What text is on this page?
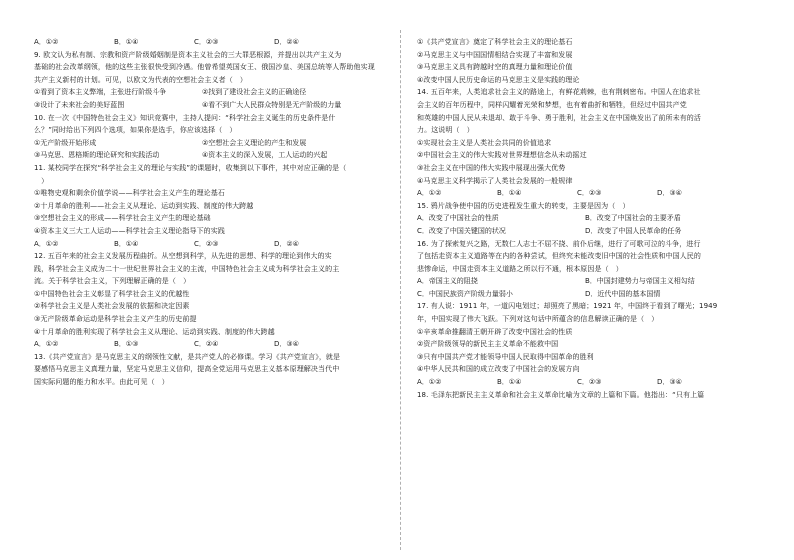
A．①②	B．①④	C．②③	D．②④
9. 欧文认为私有制、宗教和资产阶级婚姻制是资本主义社会的三大罪恶根源，并提出以共产主义为
基础的社会改革纲领，他的这些主张很快受到冷遇。他曾希望英国女王、俄国沙皇、美国总统等人帮助他实现
共产主义新村的计划。可见，以欧文为代表的空想社会主义者（　）
①看到了资本主义弊端，主张进行阶级斗争	②找到了建设社会主义的正确途径
③设计了未来社会的美好蓝图	④看不到广大人民群众特别是无产阶级的力量
10. 在一次《中国特色社会主义》知识竞赛中，主持人提问：“科学社会主义诞生的历史条件是什
么？”同时给出下列四个选项，如果你是选手，你应该选择（　）
①无产阶级开始形成	②空想社会主义理论的产生和发展
③马克思、恩格斯的理论研究和实践活动	④资本主义的深入发展，工人运动的兴起
11. 某校同学在探究“科学社会主义的理论与实践”的课题时，收集到以下事件，其中对应正确的是（
　）
①唯物史观和剩余价值学说——科学社会主义产生的理论基石
②十月革命的胜利——社会主义从理论、运动到实践、制度的伟大跨越
③空想社会主义的形成——科学社会主义产生的理论基础
④资本主义三大工人运动——科学社会主义理论指导下的实践
A．①②	B．①④	C．②③	D．②④
12. 五百年来的社会主义发展历程曲折。从空想到科学，从先进的思想、科学的理论到伟大的实
践，科学社会主义成为二十一世纪世界社会主义的主流，中国特色社会主义成为科学社会主义的主
流。关于科学社会主义，下列理解正确的是（　）
①中国特色社会主义彰显了科学社会主义的优越性
②科学社会主义是人类社会发展的依据和决定因素
③无产阶级革命运动是科学社会主义产生的历史前提
④十月革命的胜利实现了科学社会主义从理论、运动到实践、制度的伟大跨越
A．①②	B．①③	C．②④	D．③④
13.《共产党宣言》是马克思主义的纲领性文献，是共产党人的必修课。学习《共产党宣言》，就是
要感悟马克思主义真理力量，坚定马克思主义信仰，提高全党运用马克思主义基本原理解决当代中
国实际问题的能力和水平。由此可见（　）
①《共产党宣言》奠定了科学社会主义的理论基石
②马克思主义与中国国情相结合实现了丰富和发展
③马克思主义具有跨越时空的真理力量和理论价值
④改变中国人民历史命运的马克思主义是实践的理论
14. 五百年来，人类追求社会主义的路途上，有鲜花荊棘，也有荆刺密布。中国人在追求社
会主义的百年历程中，同样闪耀着光荣和梦想，也有着曲折和牺牲，但经过中国共产党
和英雄的中国人民从未退却、敢于斗争、勇于胜利，社会主义在中国焕发出了前所未有的活
力。这说明（　）
①实现社会主义是人类社会共同的价值追求
②中国社会主义的伟大实践对世界理想信念从未动摇过
③社会主义在中国的伟大实践中展现出强大优势
④马克思主义科学揭示了人类社会发展的一般规律
A．①②	B．①④	C．②③	D．③④
15. 鸦片战争使中国的历史进程发生重大的转变，主要是因为（　）
A．改变了中国社会的性质	B．改变了中国社会的主要矛盾
C．改变了中国关键国的状况	D．改变了中国人民革命的任务
16. 为了探索复兴之路，无数仁人志士不屈不挠、前仆后继，进行了可歌可泣的斗争，进行
了包括走资本主义道路等在内的各种尝试，但终究未能改变旧中国的社会性质和中国人民的
悲惨命运，中国走资本主义道路之所以行不通，根本原因是（　）
A．帝国主义的阻挠	B．中国封建势力与帝国主义相勾结
C．中国民族资产阶级力量弱小	D．近代中国的基本国情
17. 有人说：1911 年，一道闪电划过；却照亮了黑暗；1921 年，中国终于看到了曙光；1949
年，中国实现了伟大飞跃。下列对这句话中所蕴含的信息解读正确的是（　）
①辛亥革命推翻清王朝开辟了改变中国社会的性质
②资产阶级领导的新民主主义革命不能救中国
③只有中国共产党才能领导中国人民取得中国革命的胜利
④中华人民共和国的成立改变了中国社会的发展方向
A．①②	B．①④	C．②③	D．③④
18. 毛泽东把新民主主义革命和社会主义革命比喻为文章的上篇和下篇。他指出：“只有上篇
